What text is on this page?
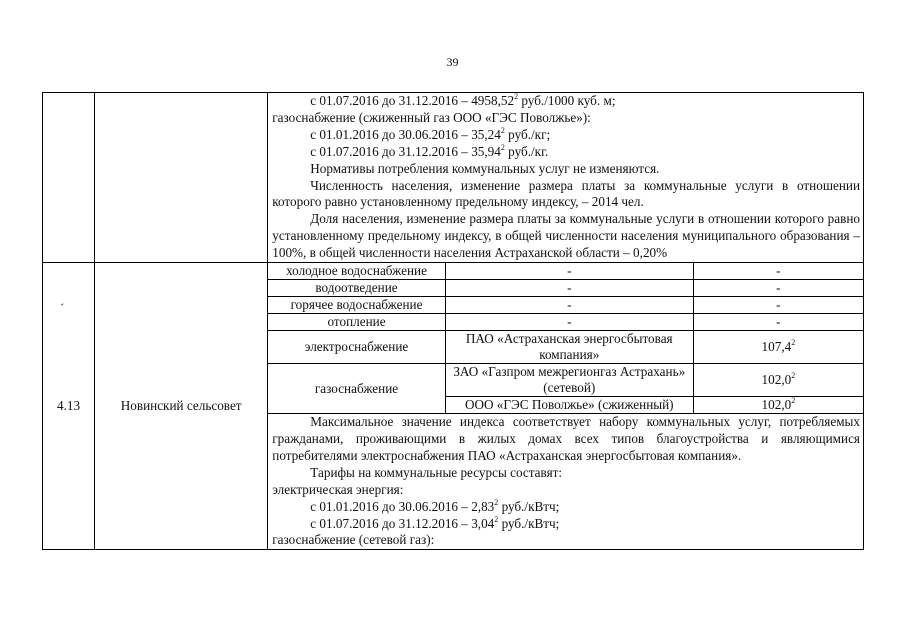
39
´

с 01.07.2016 до 31.12.2016 – 4958,52$^2$ руб./1000 куб. м;

газоснабжение (сжиженный газ ООО «ГЭС Поволжье»):

с 01.01.2016 до 30.06.2016 – 35,24$^2$ руб./кг;

с 01.07.2016 до 31.12.2016 – 35,94$^2$ руб./кг.

Нормативы потребления коммунальных услуг не изменяются.

Численность населения, изменение размера платы за коммунальные услуги в отношении которого равно установленному предельному индексу, – 2014 чел.

Доля населения, изменение размера платы за коммунальные услуги в отношении которого равно установленному предельному индексу, в общей численности населения муниципального образования – 100%, в общей численности населения Астраханской области – 0,20%

4.13	Новинский сельсовет	
холодное водоснабжение	-	-
водоотведение	-	-
горячее водоснабжение	-	-
отопление	-	-
электроснабжение	ПАО «Астраханская энергосбытовая компания»	107,4$^2$
газоснабжение	ЗАО «Газпром межрегионгаз Астрахань» (сетевой)	102,0$^2$
ООО «ГЭС Поволжье» (сжиженный)	102,0$^2$

Максимальное значение индекса соответствует набору коммунальных услуг, потребляемых гражданами, проживающими в жилых домах всех типов благоустройства и являющимися потребителями электроснабжения ПАО «Астраханская энергосбытовая компания».

Тарифы на коммунальные ресурсы составят:

электрическая энергия:

с 01.01.2016 до 30.06.2016 – 2,83$^2$ руб./кВтч;

с 01.07.2016 до 31.12.2016 – 3,04$^2$ руб./кВтч;

газоснабжение (сетевой газ):
